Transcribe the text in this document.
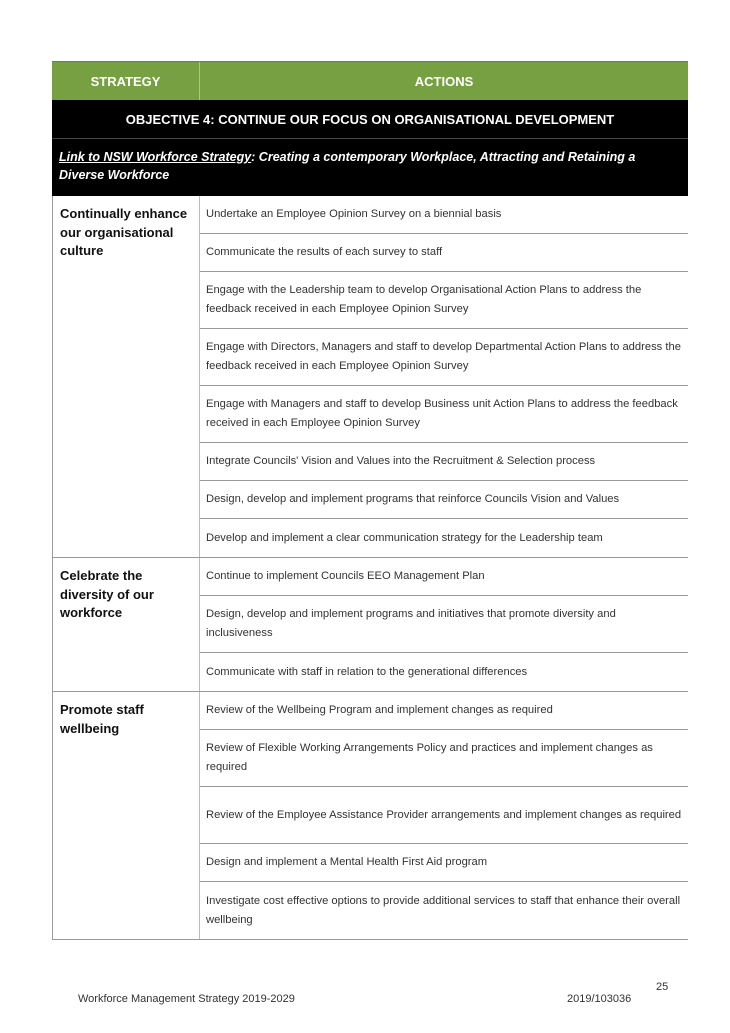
STRATEGY	ACTIONS
OBJECTIVE 4: CONTINUE OUR FOCUS ON ORGANISATIONAL DEVELOPMENT
Link to NSW Workforce Strategy: Creating a contemporary Workplace, Attracting and Retaining a Diverse Workforce
Continually enhance our organisational culture
Undertake an Employee Opinion Survey on a biennial basis
Communicate the results of each survey to staff
Engage with the Leadership team to develop Organisational Action Plans to address the feedback received in each Employee Opinion Survey
Engage with Directors, Managers and staff to develop Departmental Action Plans to address the feedback received in each Employee Opinion Survey
Engage with Managers and staff to develop Business unit Action Plans to address the feedback received in each Employee Opinion Survey
Integrate Councils' Vision and Values into the Recruitment & Selection process
Design, develop and implement programs that reinforce Councils Vision and Values
Develop and implement a clear communication strategy for the Leadership team
Celebrate the diversity of our workforce
Continue to implement Councils EEO Management Plan
Design, develop and implement programs and initiatives that promote diversity and inclusiveness
Communicate with staff in relation to the generational differences
Promote staff wellbeing
Review of the Wellbeing Program and implement changes as required
Review of Flexible Working Arrangements Policy and practices and implement changes as required
Review of the Employee Assistance Provider arrangements and implement changes as required
Design and implement a Mental Health First Aid program
Investigate cost effective options to provide additional services to staff that enhance their overall wellbeing
25
Workforce Management Strategy 2019-2029	2019/103036
